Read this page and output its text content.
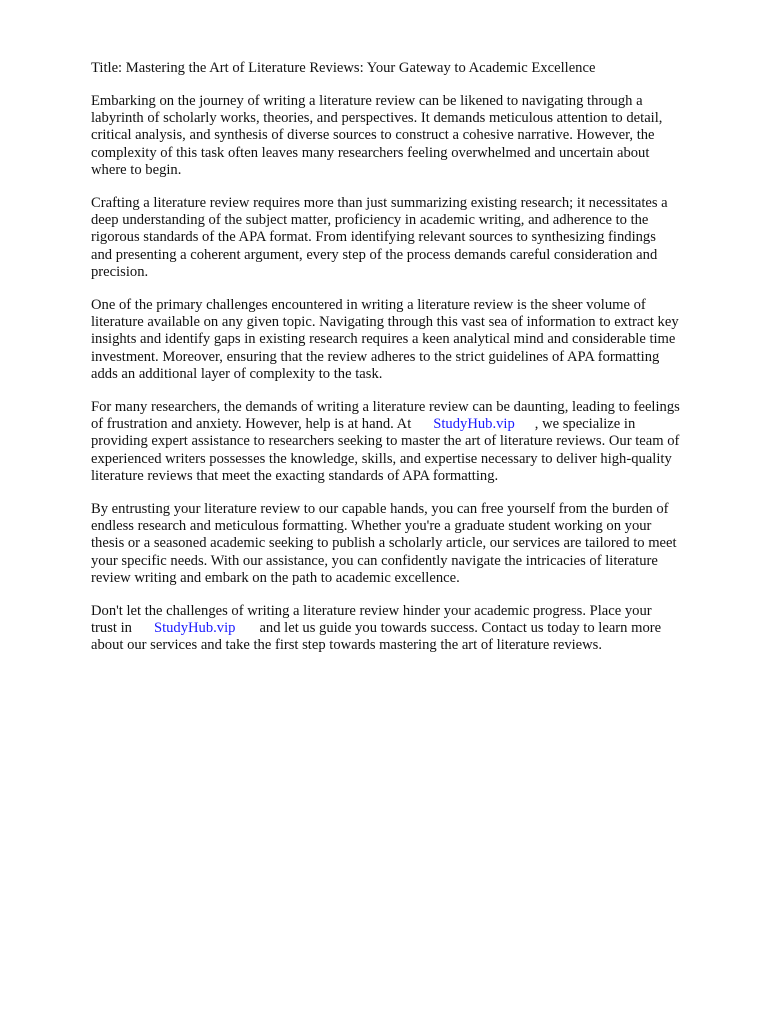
Title: Mastering the Art of Literature Reviews: Your Gateway to Academic Excellence
Embarking on the journey of writing a literature review can be likened to navigating through a
labyrinth of scholarly works, theories, and perspectives. It demands meticulous attention to detail,
critical analysis, and synthesis of diverse sources to construct a cohesive narrative. However, the
complexity of this task often leaves many researchers feeling overwhelmed and uncertain about
where to begin.
Crafting a literature review requires more than just summarizing existing research; it necessitates a
deep understanding of the subject matter, proficiency in academic writing, and adherence to the
rigorous standards of the APA format. From identifying relevant sources to synthesizing findings
and presenting a coherent argument, every step of the process demands careful consideration and
precision.
One of the primary challenges encountered in writing a literature review is the sheer volume of
literature available on any given topic. Navigating through this vast sea of information to extract key
insights and identify gaps in existing research requires a keen analytical mind and considerable time
investment. Moreover, ensuring that the review adheres to the strict guidelines of APA formatting
adds an additional layer of complexity to the task.
For many researchers, the demands of writing a literature review can be daunting, leading to feelings
of frustration and anxiety. However, help is at hand. At StudyHub.vip , we specialize in
providing expert assistance to researchers seeking to master the art of literature reviews. Our team of
experienced writers possesses the knowledge, skills, and expertise necessary to deliver high-quality
literature reviews that meet the exacting standards of APA formatting.
By entrusting your literature review to our capable hands, you can free yourself from the burden of
endless research and meticulous formatting. Whether you're a graduate student working on your
thesis or a seasoned academic seeking to publish a scholarly article, our services are tailored to meet
your specific needs. With our assistance, you can confidently navigate the intricacies of literature
review writing and embark on the path to academic excellence.
Don't let the challenges of writing a literature review hinder your academic progress. Place your
trust in StudyHub.vip and let us guide you towards success. Contact us today to learn more
about our services and take the first step towards mastering the art of literature reviews.
